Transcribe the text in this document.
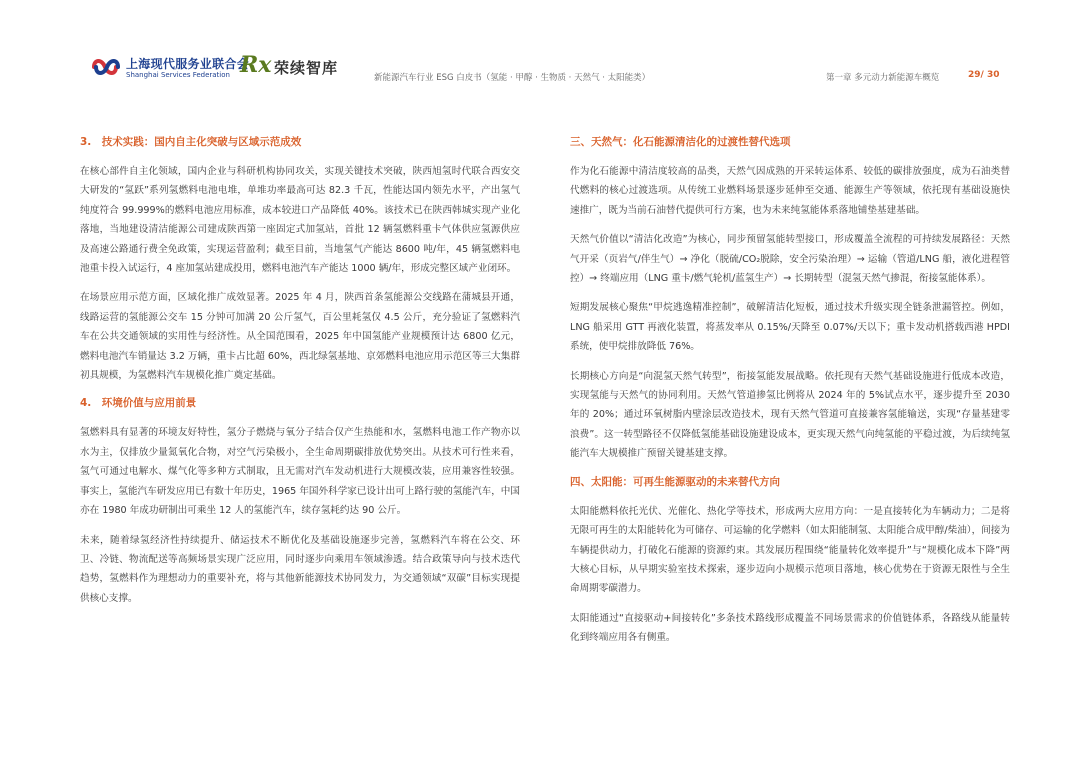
上海现代服务业联合会
Shanghai Services Federation Rx 荣续智库
新能源汽车行业 ESG 白皮书（氢能 · 甲醇 · 生物质 · 天然气 · 太阳能类）	第一章 多元动力新能源车概览	29/ 30
3.　技术实践：国内自主化突破与区域示范成效

在核心部件自主化领域，国内企业与科研机构协同攻关，实现关键技术突破，陕西旭氢时代联合西安交大研发的“氢跃”系列氢燃料电池电堆，单堆功率最高可达 82.3 千瓦，性能达国内领先水平，产出氢气纯度符合 99.999%的燃料电池应用标准，成本较进口产品降低 40%。该技术已在陕西韩城实现产业化落地，当地建设清洁能源公司建成陕西第一座固定式加氢站，首批 12 辆氢燃料重卡气体供应氢源供应及高速公路通行费全免政策，实现运营盈利；截至目前，当地氢气产能达 8600 吨/年，45 辆氢燃料电池重卡投入试运行，4 座加氢站建成投用，燃料电池汽车产能达 1000 辆/年，形成完整区域产业闭环。

在场景应用示范方面，区域化推广成效显著。2025 年 4 月，陕西首条氢能源公交线路在蒲城县开通，线路运营的氢能源公交车 15 分钟可加满 20 公斤氢气，百公里耗氢仅 4.5 公斤，充分验证了氢燃料汽车在公共交通领域的实用性与经济性。从全国范围看，2025 年中国氢能产业规模预计达 6800 亿元，燃料电池汽车销量达 3.2 万辆，重卡占比超 60%，西北绿氢基地、京郊燃料电池应用示范区等三大集群初具规模，为氢燃料汽车规模化推广奠定基础。

4.　环境价值与应用前景

氢燃料具有显著的环境友好特性，氢分子燃烧与氧分子结合仅产生热能和水，氢燃料电池工作产物亦以水为主，仅排放少量氮氧化合物，对空气污染极小，全生命周期碳排放优势突出。从技术可行性来看，氢气可通过电解水、煤气化等多种方式制取，且无需对汽车发动机进行大规模改装，应用兼容性较强。事实上，氢能汽车研发应用已有数十年历史，1965 年国外科学家已设计出可上路行驶的氢能汽车，中国亦在 1980 年成功研制出可乘坐 12 人的氢能汽车，续存氢耗约达 90 公斤。

未来，随着绿氢经济性持续提升、储运技术不断优化及基础设施逐步完善，氢燃料汽车将在公交、环卫、冷链、物流配送等高频场景实现广泛应用，同时逐步向乘用车领域渗透。结合政策导向与技术迭代趋势，氢燃料作为理想动力的重要补充，将与其他新能源技术协同发力，为交通领域“双碳”目标实现提供核心支撑。

三、天然气：化石能源清洁化的过渡性替代选项

作为化石能源中清洁度较高的品类，天然气因成熟的开采转运体系、较低的碳排放强度，成为石油类替代燃料的核心过渡选项。从传统工业燃料场景逐步延伸至交通、能源生产等领域，依托现有基础设施快速推广，既为当前石油替代提供可行方案，也为未来纯氢能体系落地铺垫基建基础。

天然气价值以“清洁化改造”为核心，同步预留氢能转型接口，形成覆盖全流程的可持续发展路径：天然气开采（页岩气/伴生气）→ 净化（脱硫/CO₂脱除，安全污染治理）→ 运输（管道/LNG 船，液化进程管控）→ 终端应用（LNG 重卡/燃气轮机/蓝氢生产）→ 长期转型（混氢天然气掺混，衔接氢能体系）。

短期发展核心聚焦“甲烷逃逸精准控制”，破解清洁化短板，通过技术升级实现全链条泄漏管控。例如，LNG 船采用 GTT 再液化装置，将蒸发率从 0.15%/天降至 0.07%/天以下；重卡发动机搭载西港 HPDI 系统，使甲烷排放降低 76%。

长期核心方向是“向混氢天然气转型”，衔接氢能发展战略。依托现有天然气基础设施进行低成本改造，实现氢能与天然气的协同利用。天然气管道掺氢比例将从 2024 年的 5%试点水平，逐步提升至 2030 年的 20%；通过环氧树脂内壁涂层改造技术，现有天然气管道可直接兼容氢能输送，实现“存量基建零浪费”。这一转型路径不仅降低氢能基础设施建设成本，更实现天然气向纯氢能的平稳过渡，为后续纯氢能汽车大规模推广预留关键基建支撑。

四、太阳能：可再生能源驱动的未来替代方向

太阳能燃料依托光伏、光催化、热化学等技术，形成两大应用方向：一是直接转化为车辆动力；二是将无限可再生的太阳能转化为可储存、可运输的化学燃料（如太阳能制氢、太阳能合成甲醇/柴油），间接为车辆提供动力，打破化石能源的资源约束。其发展历程围绕“能量转化效率提升”与“规模化成本下降”两大核心目标，从早期实验室技术探索，逐步迈向小规模示范项目落地，核心优势在于资源无限性与全生命周期零碳潜力。

太阳能通过“直接驱动+间接转化”多条技术路线形成覆盖不同场景需求的价值链体系，各路线从能量转化到终端应用各有侧重。
